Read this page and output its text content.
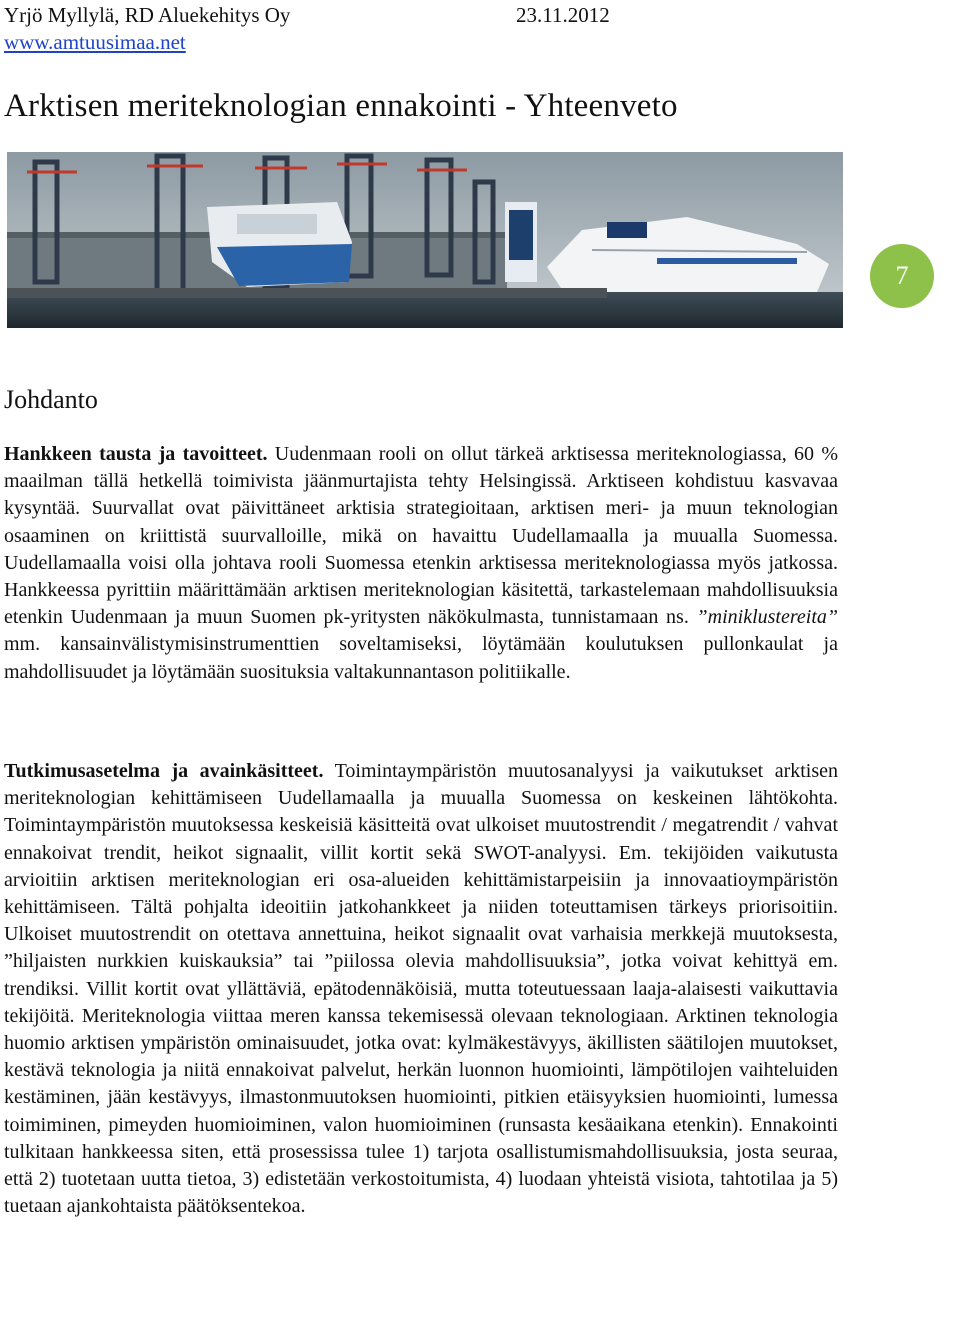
Yrjö Myllylä, RD Aluekehitys Oy	23.11.2012
www.amtuusimaa.net
Arktisen meriteknologian ennakointi - Yhteenveto
7
Johdanto

Hankkeen tausta ja tavoitteet. Uudenmaan rooli on ollut tärkeä arktisessa meriteknologiassa, 60 % maailman tällä hetkellä toimivista jäänmurtajista tehty Helsingissä. Arktiseen kohdistuu kasvavaa kysyntää. Suurvallat ovat päivittäneet arktisia strategioitaan, arktisen meri- ja muun teknologian osaaminen on kriittistä suurvalloille, mikä on havaittu Uudellamaalla ja muualla Suomessa. Uudellamaalla voisi olla johtava rooli Suomessa etenkin arktisessa meriteknologiassa myös jatkossa. Hankkeessa pyrittiin määrittämään arktisen meriteknologian käsitettä, tarkastelemaan mahdollisuuksia etenkin Uudenmaan ja muun Suomen pk-yritysten näkökulmasta, tunnistamaan ns. ”miniklustereita” mm. kansainvälistymisinstrumenttien soveltamiseksi, löytämään koulutuksen pullonkaulat ja mahdollisuudet ja löytämään suosituksia valtakunnantason politiikalle.

Tutkimusasetelma ja avainkäsitteet. Toimintaympäristön muutosanalyysi ja vaikutukset arktisen meriteknologian kehittämiseen Uudellamaalla ja muualla Suomessa on keskeinen lähtökohta. Toimintaympäristön muutoksessa keskeisiä käsitteitä ovat ulkoiset muutostrendit / megatrendit / vahvat ennakoivat trendit, heikot signaalit, villit kortit sekä SWOT-analyysi. Em. tekijöiden vaikutusta arvioitiin arktisen meriteknologian eri osa-alueiden kehittämistarpeisiin ja innovaatioympäristön kehittämiseen. Tältä pohjalta ideoitiin jatkohankkeet ja niiden toteuttamisen tärkeys priorisoitiin. Ulkoiset muutostrendit on otettava annettuina, heikot signaalit ovat varhaisia merkkejä muutoksesta, ”hiljaisten nurkkien kuiskauksia” tai ”piilossa olevia mahdollisuuksia”, jotka voivat kehittyä em. trendiksi. Villit kortit ovat yllättäviä, epätodennäköisiä, mutta toteutuessaan laaja-alaisesti vaikuttavia tekijöitä. Meriteknologia viittaa meren kanssa tekemisessä olevaan teknologiaan. Arktinen teknologia huomio arktisen ympäristön ominaisuudet, jotka ovat: kylmäkestävyys, äkillisten säätilojen muutokset, kestävä teknologia ja niitä ennakoivat palvelut, herkän luonnon huomiointi, lämpötilojen vaihteluiden kestäminen, jään kestävyys, ilmastonmuutoksen huomiointi, pitkien etäisyyksien huomiointi, lumessa toimiminen, pimeyden huomioiminen, valon huomioiminen (runsasta kesäaikana etenkin). Ennakointi tulkitaan hankkeessa siten, että prosessissa tulee 1) tarjota osallistumismahdollisuuksia, josta seuraa, että 2) tuotetaan uutta tietoa, 3) edistetään verkostoitumista, 4) luodaan yhteistä visiota, tahtotilaa ja 5) tuetaan ajankohtaista päätöksentekoa.
